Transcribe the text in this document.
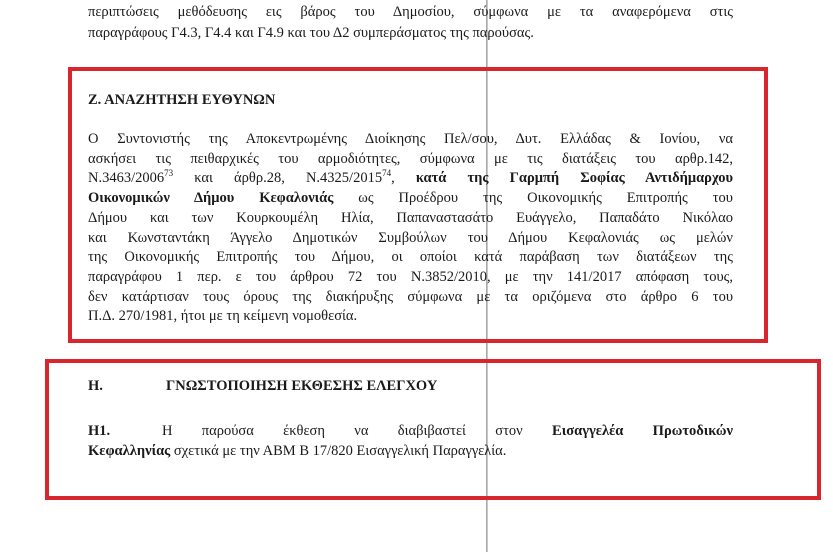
περιπτώσεις μεθόδευσης εις βάρος του Δημοσίου, σύμφωνα με τα αναφερόμενα στις
παραγράφους Γ4.3, Γ4.4 και Γ4.9 και του Δ2 συμπεράσματος της παρούσας.
Ζ. ΑΝΑΖΗΤΗΣΗ ΕΥΘΥΝΩΝ
Ο Συντονιστής της Αποκεντρωμένης Διοίκησης Πελ/σου, Δυτ. Ελλάδας & Ιονίου, να
ασκήσει τις πειθαρχικές του αρμοδιότητες, σύμφωνα με τις διατάξεις του αρθρ.142,
N.3463/2006$^{73}$ και άρθρ.28, N.4325/2015$^{74}$, κατά της Γαρμπή Σοφίας Αντιδήμαρχου
Οικονομικών Δήμου Κεφαλονιάς ως Προέδρου της Οικονομικής Επιτροπής του
Δήμου και των Κουρκουμέλη Ηλία, Παπαναστασάτο Ευάγγελο, Παπαδάτο Νικόλαο
και Κωνσταντάκη Άγγελο Δημοτικών Συμβούλων του Δήμου Κεφαλονιάς ως μελών
της Οικονομικής Επιτροπής του Δήμου, οι οποίοι κατά παράβαση των διατάξεων της
παραγράφου 1 περ. ε του άρθρου 72 του N.3852/2010, με την 141/2017 απόφαση τους,
δεν κατάρτισαν τους όρους της διακήρυξης σύμφωνα με τα οριζόμενα στο άρθρο 6 του
Π.Δ. 270/1981, ήτοι με τη κείμενη νομοθεσία.
Η.	ΓΝΩΣΤΟΠΟΙΗΣΗ ΕΚΘΕΣΗΣ ΕΛΕΓΧΟΥ
Η1.	Η παρούσα έκθεση να διαβιβαστεί στον Εισαγγελέα Πρωτοδικών
Κεφαλληνίας σχετικά με την ΑΒΜ Β 17/820 Εισαγγελική Παραγγελία.
